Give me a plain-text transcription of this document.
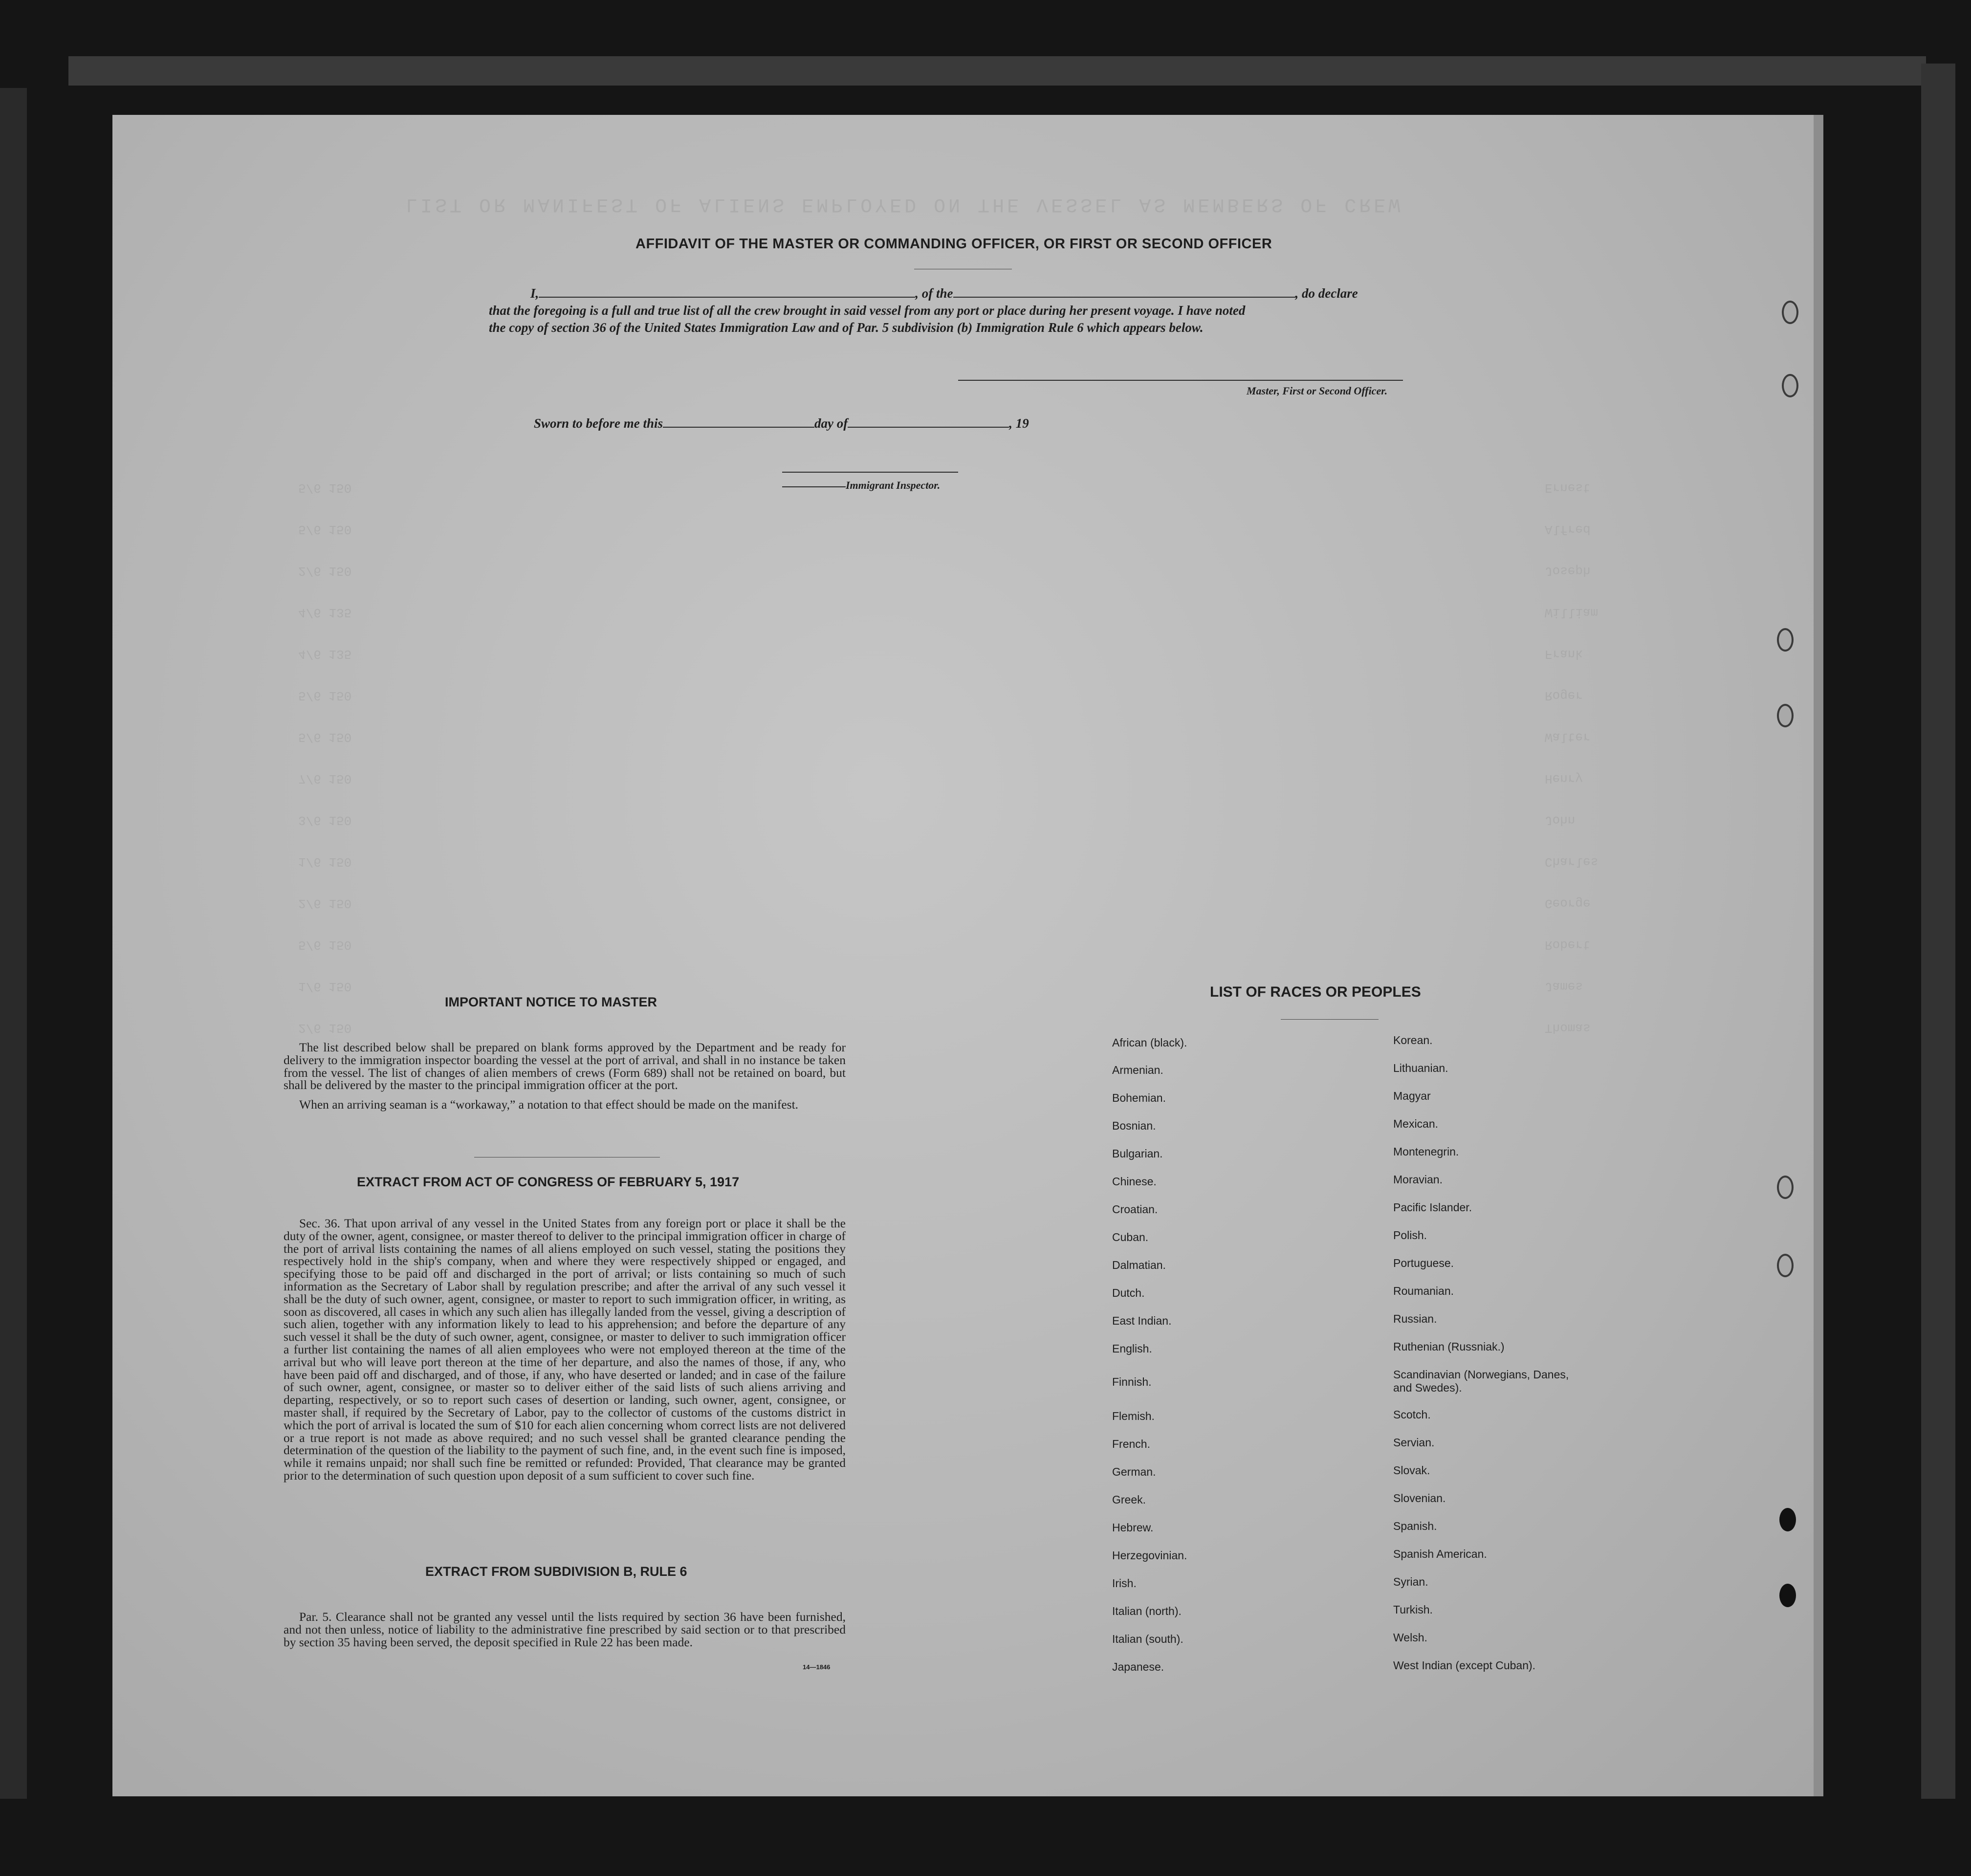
LIST OR MANIFEST OF ALIENS EMPLOYED ON THE VESSEL AS MEMBERS OF CREW
Thomas
James
Robert
George
Charles
John
Henry
Walter
Roger
Frank
William
Joseph
Alfred
Ernest
2/6 150
1/6 150
5/6 150
2/6 150
1/6 150
3/6 150
7/6 150
5/6 150
5/6 150
4/6 135
4/6 135
2/6 150
5/6 150
5/6 150
AFFIDAVIT OF THE MASTER OR COMMANDING OFFICER, OR FIRST OR SECOND OFFICER
I,	, of the	, do declare
that the foregoing is a full and true list of all the crew brought in said vessel from any port or place during her present voyage. I have noted
the copy of section 36 of the United States Immigration Law and of Par. 5 subdivision (b) Immigration Rule 6 which appears below.
Master, First or Second Officer.
Sworn to before me this	day of	, 19
Immigrant Inspector.
IMPORTANT NOTICE TO MASTER

The list described below shall be prepared on blank forms approved by the Department and be ready for delivery to the immigration inspector boarding the vessel at the port of arrival, and shall in no instance be taken from the vessel. The list of changes of alien members of crews (Form 689) shall not be retained on board, but shall be delivered by the master to the principal immigration officer at the port.

When an arriving seaman is a “workaway,” a notation to that effect should be made on the manifest.

EXTRACT FROM ACT OF CONGRESS OF FEBRUARY 5, 1917

Sec. 36. That upon arrival of any vessel in the United States from any foreign port or place it shall be the duty of the owner, agent, consignee, or master thereof to deliver to the principal immigration officer in charge of the port of arrival lists containing the names of all aliens employed on such vessel, stating the positions they respectively hold in the ship's company, when and where they were respectively shipped or engaged, and specifying those to be paid off and discharged in the port of arrival; or lists containing so much of such information as the Secretary of Labor shall by regulation prescribe; and after the arrival of any such vessel it shall be the duty of such owner, agent, consignee, or master to report to such immigration officer, in writing, as soon as discovered, all cases in which any such alien has illegally landed from the vessel, giving a description of such alien, together with any information likely to lead to his apprehension; and before the departure of any such vessel it shall be the duty of such owner, agent, consignee, or master to deliver to such immigration officer a further list containing the names of all alien employees who were not employed thereon at the time of the arrival but who will leave port thereon at the time of her departure, and also the names of those, if any, who have been paid off and discharged, and of those, if any, who have deserted or landed; and in case of the failure of such owner, agent, consignee, or master so to deliver either of the said lists of such aliens arriving and departing, respectively, or so to report such cases of desertion or landing, such owner, agent, consignee, or master shall, if required by the Secretary of Labor, pay to the collector of customs of the customs district in which the port of arrival is located the sum of $10 for each alien concerning whom correct lists are not delivered or a true report is not made as above required; and no such vessel shall be granted clearance pending the determination of the question of the liability to the payment of such fine, and, in the event such fine is imposed, while it remains unpaid; nor shall such fine be remitted or refunded: Provided, That clearance may be granted prior to the determination of such question upon deposit of a sum sufficient to cover such fine.

EXTRACT FROM SUBDIVISION B, RULE 6

Par. 5. Clearance shall not be granted any vessel until the lists required by section 36 have been furnished, and not then unless, notice of liability to the administrative fine prescribed by said section or to that prescribed by section 35 having been served, the deposit specified in Rule 22 has been made.

14—1846
LIST OF RACES OR PEOPLES
African (black).
Armenian.
Bohemian.
Bosnian.
Bulgarian.
Chinese.
Croatian.
Cuban.
Dalmatian.
Dutch.
East Indian.
English.
Finnish.
Flemish.
French.
German.
Greek.
Hebrew.
Herzegovinian.
Irish.
Italian (north).
Italian (south).
Japanese.
Korean.
Lithuanian.
Magyar
Mexican.
Montenegrin.
Moravian.
Pacific Islander.
Polish.
Portuguese.
Roumanian.
Russian.
Ruthenian (Russniak.)
Scandinavian (Norwegians, Danes, and Swedes).
Scotch.
Servian.
Slovak.
Slovenian.
Spanish.
Spanish American.
Syrian.
Turkish.
Welsh.
West Indian (except Cuban).
